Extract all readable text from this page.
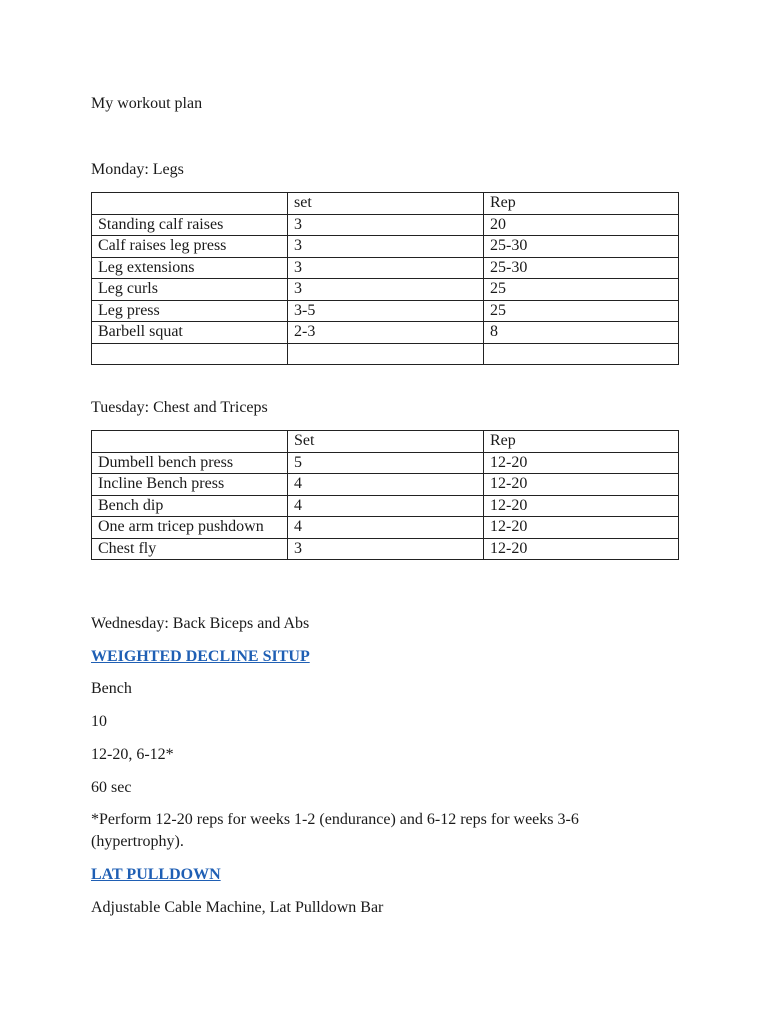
My workout plan

Monday: Legs

	set	Rep
Standing calf raises	3	20
Calf raises leg press	3	25-30
Leg extensions	3	25-30
Leg curls	3	25
Leg press	3-5	25
Barbell squat	2-3	8

Tuesday: Chest and Triceps

	Set	Rep
Dumbell bench press	5	12-20
Incline Bench press	4	12-20
Bench dip	4	12-20
One arm tricep pushdown	4	12-20
Chest fly	3	12-20

Wednesday: Back Biceps and Abs

WEIGHTED DECLINE SITUP

Bench

10

12-20, 6-12*

60 sec

*Perform 12-20 reps for weeks 1-2 (endurance) and 6-12 reps for weeks 3-6 (hypertrophy).

LAT PULLDOWN

Adjustable Cable Machine, Lat Pulldown Bar
